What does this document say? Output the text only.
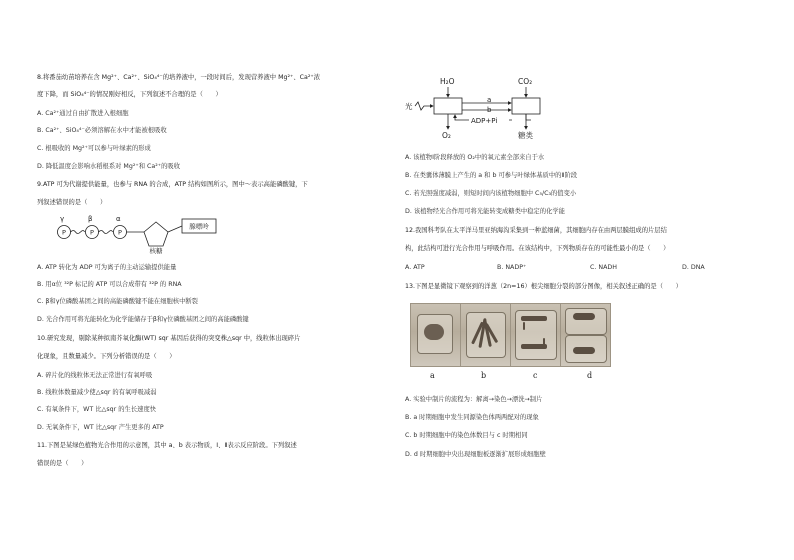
8.将番茄幼苗培养在含 Mg²⁺、Ca²⁺、SiO₄⁴⁻的培养液中，一段时间后，发现营养液中 Mg²⁺、Ca²⁺浓
度下降，而 SiO₄⁴⁻的情况刚好相反，下列叙述不合理的是（　　）
A. Ca²⁺通过自由扩散进入根细胞
B. Ca²⁺、SiO₄⁴⁻必须溶解在水中才能被根吸收
C. 根吸收的 Mg²⁺可以参与叶绿素的形成
D. 降低温度会影响水稻根系对 Mg²⁺和 Ca²⁺的吸收
9.ATP 可为代谢提供能量，也参与 RNA 的合成，ATP 结构如图所示，图中～表示高能磷酸键，下
列叙述错误的是（　　）
γ	β	α
P	P	P
腺嘌呤
核糖
A. ATP 转化为 ADP 可为离子的主动运输提供能量
B. 用α位 ³²P 标记的 ATP 可以合成带有 ³²P 的 RNA
C. β和γ位磷酸基团之间的高能磷酸键不能在细胞核中断裂
D. 光合作用可将光能转化为化学能储存于β和γ位磷酸基团之间的高能磷酸键
10.研究发现，剔除某种拟南芥氧化酶(WT) sqr 基因后获得的突变株△sqr 中，线粒体出现碎片
化现象，且数量减少。下列分析错误的是（　　）
A. 碎片化的线粒体无法正常进行有氧呼吸
B. 线粒体数量减少使△sqr 的有氧呼吸减弱
C. 有氧条件下，WT 比△sqr 的生长速度快
D. 无氧条件下，WT 比△sqr 产生更多的 ATP
11.下图是某绿色植物光合作用的示意图，其中 a、b 表示物质，Ⅰ、Ⅱ表示反应阶段。下列叙述
错误的是（　　）
H₂O	CO₂
光
O₂	糖类
a
b
ADP+Pi
A. 该植物Ⅰ阶段释放的 O₂中的氧元素全部来自于水
B. 在类囊体薄膜上产生的 a 和 b 可参与叶绿体基质中的Ⅱ阶段
C. 若光照强度减弱，则短时间内该植物细胞中 C₅/C₃的值变小
D. 该植物经光合作用可将光能转变成糖类中稳定的化学能
12.我国科考队在太平洋马里亚纳海沟采集到一种蓝细菌，其细胞内存在由两层膜组成的片层结
构，此结构可进行光合作用与呼吸作用。在该结构中，下列物质存在的可能性最小的是（　　）
A. ATP	B. NADP⁺	C. NADH	D. DNA
13.下图是显微镜下观察到的洋葱（2n=16）根尖细胞分裂的部分图像，相关叙述正确的是（　　）
a	b	c	d
A. 实验中制片的流程为：解离→染色→漂洗→制片
B. a 时期细胞中发生同源染色体两两配对的现象
C. b 时期细胞中的染色体数目与 c 时期相同
D. d 时期细胞中央出现细胞板逐渐扩展形成细胞壁
